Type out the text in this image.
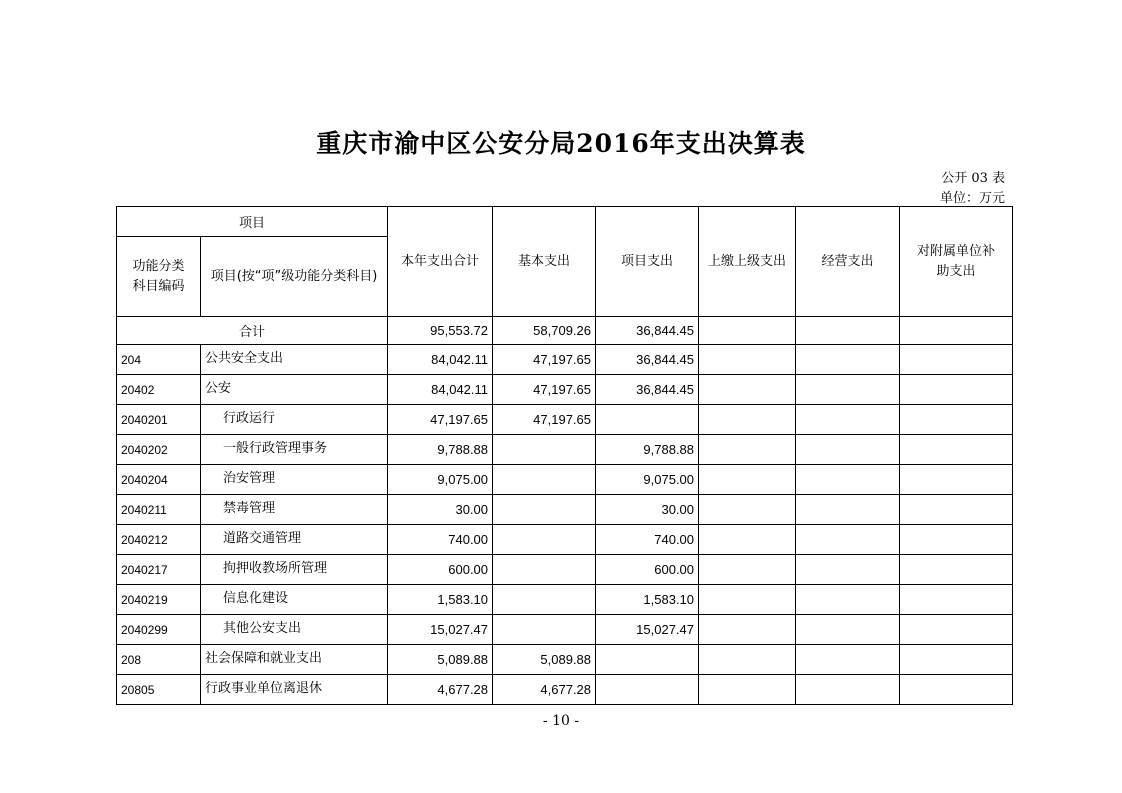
重庆市渝中区公安分局2016年支出决算表
公开 03 表
单位：万元
项目		本年支出合计	基本支出	项目支出	上缴上级支出	经营支出	对附属单位补助支出
功能分类科目编码	项目(按“项”级功能分类科目)						
合计		95,553.72	58,709.26	36,844.45			
204	公共安全支出	84,042.11	47,197.65	36,844.45			
20402	公安	84,042.11	47,197.65	36,844.45			
2040201	行政运行	47,197.65	47,197.65				
2040202	一般行政管理事务	9,788.88		9,788.88			
2040204	治安管理	9,075.00		9,075.00			
2040211	禁毒管理	30.00		30.00			
2040212	道路交通管理	740.00		740.00			
2040217	拘押收教场所管理	600.00		600.00			
2040219	信息化建设	1,583.10		1,583.10			
2040299	其他公安支出	15,027.47		15,027.47			
208	社会保障和就业支出	5,089.88	5,089.88				
20805	行政事业单位离退休	4,677.28	4,677.28				
- 10 -
